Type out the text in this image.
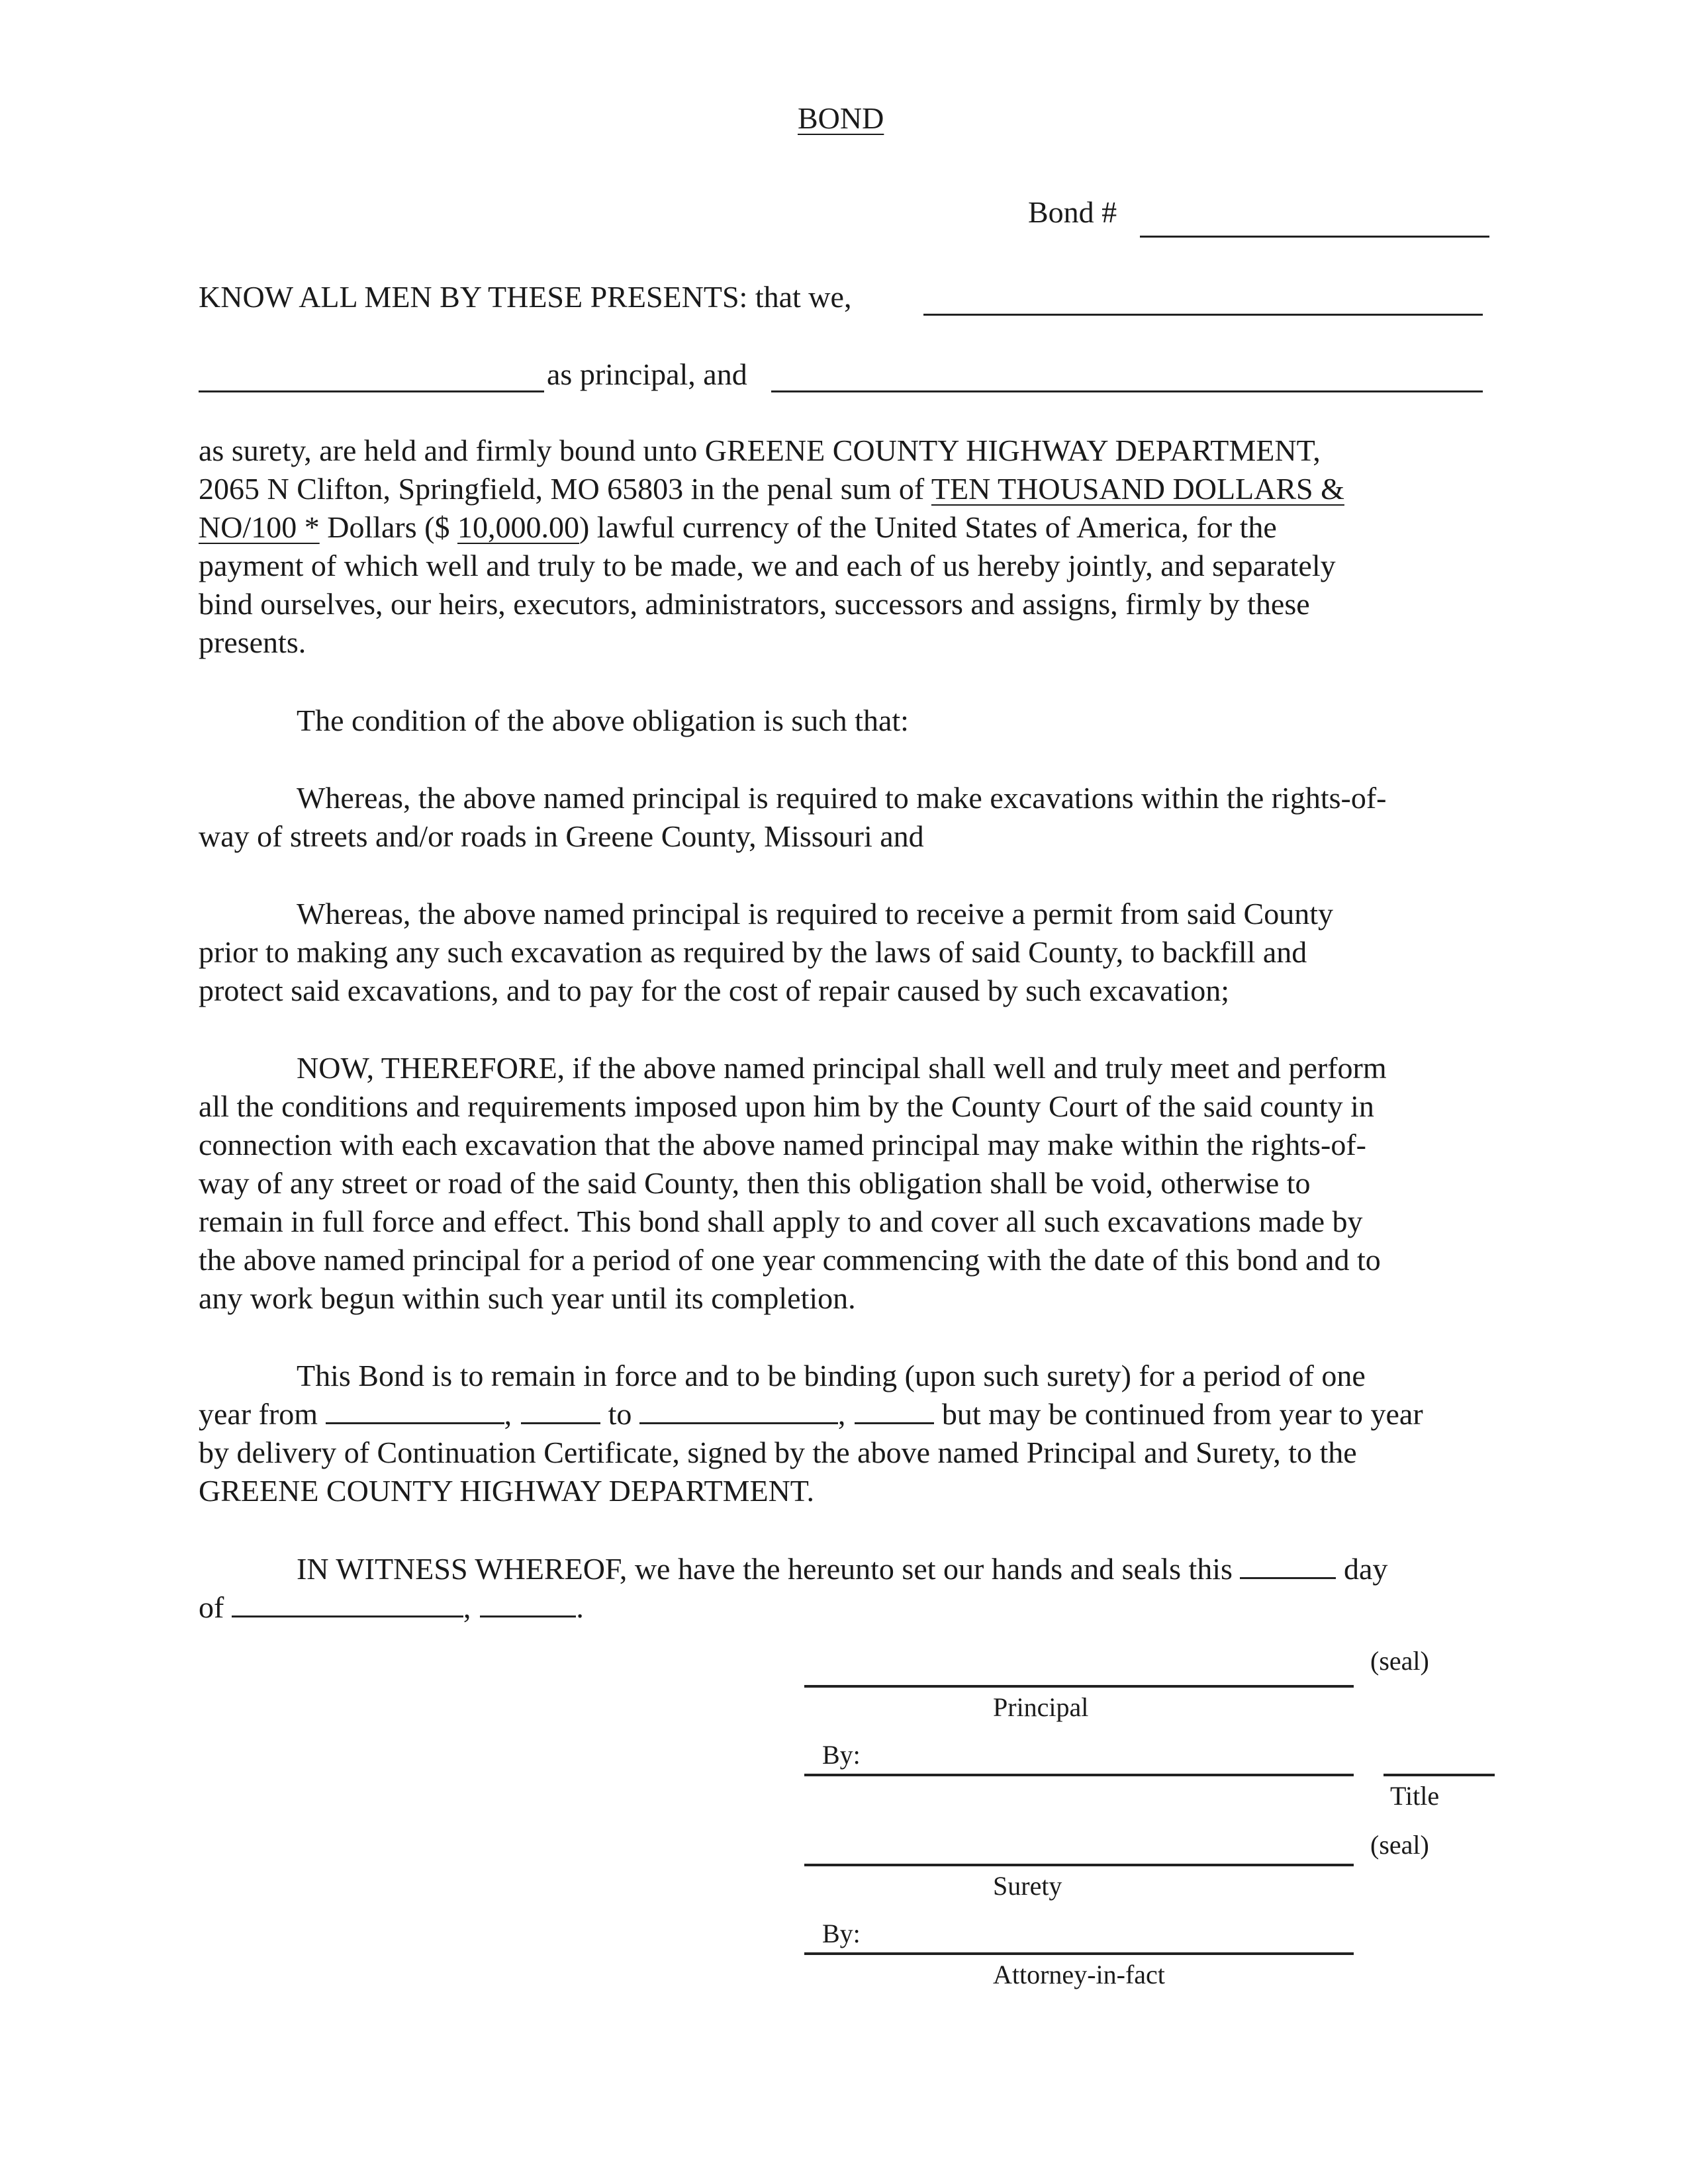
BOND
Bond #
KNOW ALL MEN BY THESE PRESENTS: that we,
as principal, and
as surety, are held and firmly bound unto GREENE COUNTY HIGHWAY DEPARTMENT,
2065 N Clifton, Springfield, MO 65803 in the penal sum of TEN THOUSAND DOLLARS &
NO/100 * Dollars ($ 10,000.00) lawful currency of the United States of America, for the
payment of which well and truly to be made, we and each of us hereby jointly, and separately
bind ourselves, our heirs, executors, administrators, successors and assigns, firmly by these
presents.
The condition of the above obligation is such that:
Whereas, the above named principal is required to make excavations within the rights-of-
way of streets and/or roads in Greene County, Missouri and
Whereas, the above named principal is required to receive a permit from said County
prior to making any such excavation as required by the laws of said County, to backfill and
protect said excavations, and to pay for the cost of repair caused by such excavation;
NOW, THEREFORE, if the above named principal shall well and truly meet and perform
all the conditions and requirements imposed upon him by the County Court of the said county in
connection with each excavation that the above named principal may make within the rights-of-
way of any street or road of the said County, then this obligation shall be void, otherwise to
remain in full force and effect. This bond shall apply to and cover all such excavations made by
the above named principal for a period of one year commencing with the date of this bond and to
any work begun within such year until its completion.
This Bond is to remain in force and to be binding (upon such surety) for a period of one
year from	,	to	,	but may be continued from year to year
by delivery of Continuation Certificate, signed by the above named Principal and Surety, to the
GREENE COUNTY HIGHWAY DEPARTMENT.
IN WITNESS WHEREOF, we have the hereunto set our hands and seals this	day
of	,	.
(seal)
Principal
By:
Title
(seal)
Surety
By:
Attorney-in-fact
